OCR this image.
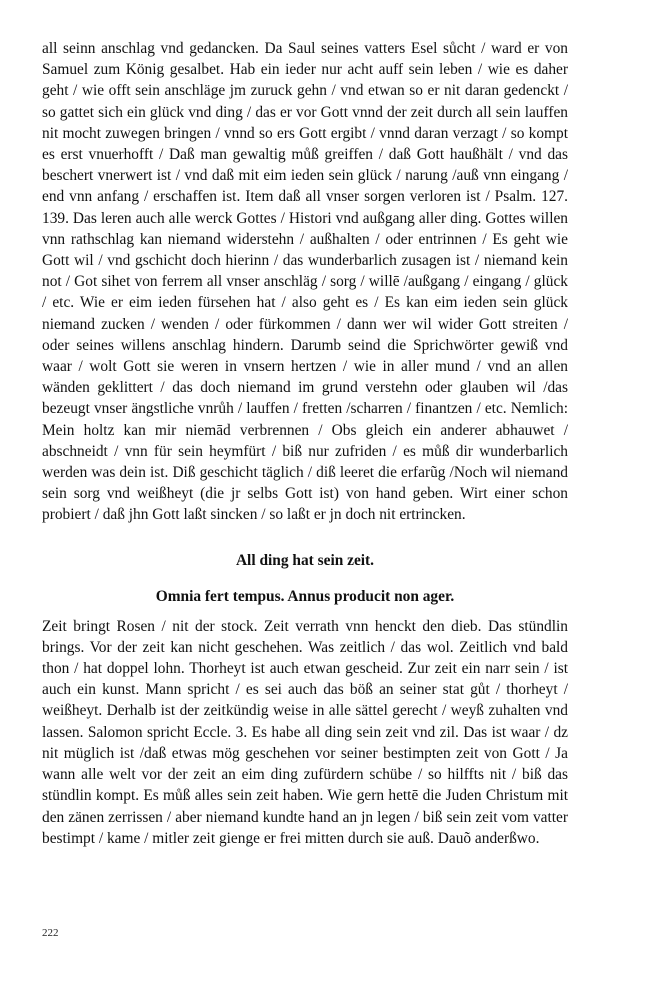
all seinn anschlag vnd gedancken. Da Saul seines vatters Esel sůcht / ward er von Samuel zum König gesalbet. Hab ein ieder nur acht auff sein leben / wie es daher geht / wie offt sein anschläge jm zuruck gehn / vnd etwan so er nit daran gedenckt / so gattet sich ein glück vnd ding / das er vor Gott vnnd der zeit durch all sein lauffen nit mocht zuwegen bringen / vnnd so ers Gott ergibt / vnnd daran verzagt / so kompt es erst vnuerhofft / Daß man gewaltig můß greiffen / daß Gott haußhält / vnd das beschert vnerwert ist / vnd daß mit eim ieden sein glück / narung /auß vnn eingang / end vnn anfang / erschaffen ist. Item daß all vnser sorgen verloren ist / Psalm. 127. 139. Das leren auch alle werck Gottes / Histori vnd außgang aller ding. Gottes willen vnn rathschlag kan niemand widerstehn / außhalten / oder entrinnen / Es geht wie Gott wil / vnd gschicht doch hierinn / das wunderbarlich zusagen ist / niemand kein not / Got sihet von ferrem all vnser anschläg / sorg / willē /außgang / eingang / glück / etc. Wie er eim ieden fürsehen hat / also geht es / Es kan eim ieden sein glück niemand zucken / wenden / oder fürkommen / dann wer wil wider Gott streiten / oder seines willens anschlag hindern. Darumb seind die Sprichwörter gewiß vnd waar / wolt Gott sie weren in vnsern hertzen / wie in aller mund / vnd an allen wänden geklittert / das doch niemand im grund verstehn oder glauben wil /das bezeugt vnser ängstliche vnrůh / lauffen / fretten /scharren / finantzen / etc. Nemlich: Mein holtz kan mir niemād verbrennen / Obs gleich ein anderer abhauwet / abschneidt / vnn für sein heymfürt / biß nur zufriden / es můß dir wunderbarlich werden was dein ist. Diß geschicht täglich / diß leeret die erfarũg /Noch wil niemand sein sorg vnd weißheyt (die jr selbs Gott ist) von hand geben. Wirt einer schon probiert / daß jhn Gott laßt sincken / so laßt er jn doch nit ertrincken.

All ding hat sein zeit.

Omnia fert tempus. Annus producit non ager.

Zeit bringt Rosen / nit der stock. Zeit verrath vnn henckt den dieb. Das stündlin brings. Vor der zeit kan nicht geschehen. Was zeitlich / das wol. Zeitlich vnd bald thon / hat doppel lohn. Thorheyt ist auch etwan gescheid. Zur zeit ein narr sein / ist auch ein kunst. Mann spricht / es sei auch das böß an seiner stat gůt / thorheyt / weißheyt. Derhalb ist der zeitkündig weise in alle sättel gerecht / weyß zuhalten vnd lassen. Salomon spricht Eccle. 3. Es habe all ding sein zeit vnd zil. Das ist waar / dz nit müglich ist /daß etwas mög geschehen vor seiner bestimpten zeit von Gott / Ja wann alle welt vor der zeit an eim ding zufürdern schübe / so hilffts nit / biß das stündlin kompt. Es můß alles sein zeit haben. Wie gern hettē die Juden Christum mit den zänen zerrissen / aber niemand kundte hand an jn legen / biß sein zeit vom vatter bestimpt / kame / mitler zeit gienge er frei mitten durch sie auß. Dauõ anderßwo.

222
